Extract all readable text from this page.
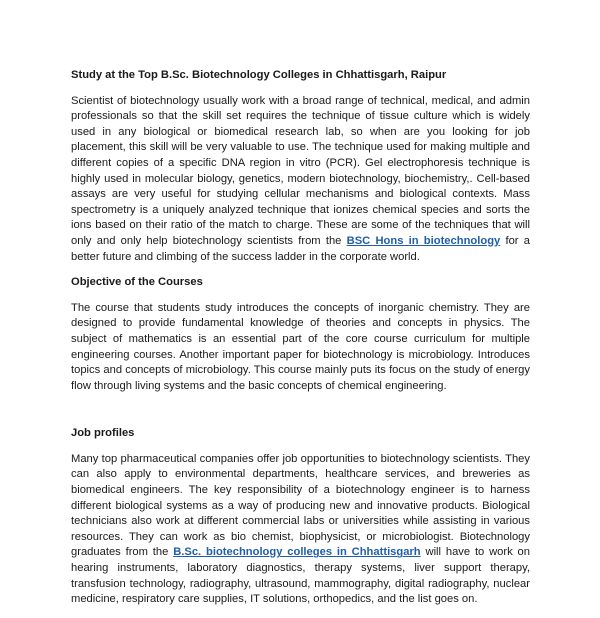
Study at the Top B.Sc. Biotechnology Colleges in Chhattisgarh, Raipur

Scientist of biotechnology usually work with a broad range of technical, medical, and admin professionals so that the skill set requires the technique of tissue culture which is widely used in any biological or biomedical research lab, so when are you looking for job placement, this skill will be very valuable to use. The technique used for making multiple and different copies of a specific DNA region in vitro (PCR). Gel electrophoresis technique is highly used in molecular biology, genetics, modern biotechnology, biochemistry,. Cell-based assays are very useful for studying cellular mechanisms and biological contexts. Mass spectrometry is a uniquely analyzed technique that ionizes chemical species and sorts the ions based on their ratio of the match to charge. These are some of the techniques that will only and only help biotechnology scientists from the BSC Hons in biotechnology for a better future and climbing of the success ladder in the corporate world.

Objective of the Courses

The course that students study introduces the concepts of inorganic chemistry. They are designed to provide fundamental knowledge of theories and concepts in physics. The subject of mathematics is an essential part of the core course curriculum for multiple engineering courses. Another important paper for biotechnology is microbiology. Introduces topics and concepts of microbiology. This course mainly puts its focus on the study of energy flow through living systems and the basic concepts of chemical engineering.

Job profiles

Many top pharmaceutical companies offer job opportunities to biotechnology scientists. They can also apply to environmental departments, healthcare services, and breweries as biomedical engineers. The key responsibility of a biotechnology engineer is to harness different biological systems as a way of producing new and innovative products. Biological technicians also work at different commercial labs or universities while assisting in various resources. They can work as bio chemist, biophysicist, or microbiologist. Biotechnology graduates from the B.Sc. biotechnology colleges in Chhattisgarh will have to work on hearing instruments, laboratory diagnostics, therapy systems, liver support therapy, transfusion technology, radiography, ultrasound, mammography, digital radiography, nuclear medicine, respiratory care supplies, IT solutions, orthopedics, and the list goes on.
